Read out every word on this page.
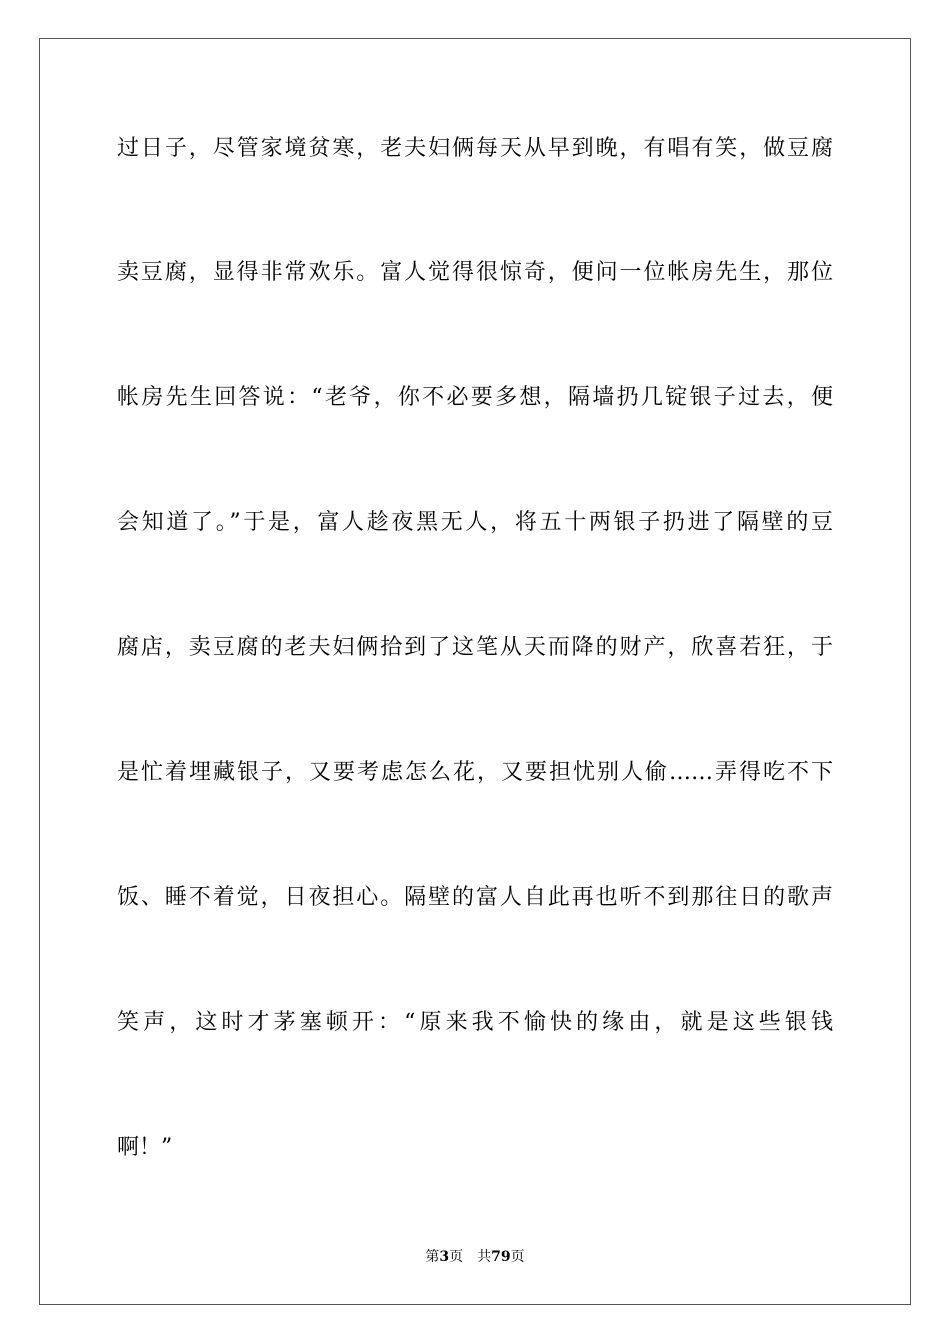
过日子，尽管家境贫寒，老夫妇俩每天从早到晚，有唱有笑，做豆腐
卖豆腐，显得非常欢乐。富人觉得很惊奇，便问一位帐房先生，那位
帐房先生回答说：“老爷，你不必要多想，隔墙扔几锭银子过去，便
会知道了。”于是，富人趁夜黑无人，将五十两银子扔进了隔壁的豆
腐店，卖豆腐的老夫妇俩拾到了这笔从天而降的财产，欣喜若狂，于
是忙着埋藏银子，又要考虑怎么花，又要担忧别人偷……弄得吃不下
饭、睡不着觉，日夜担心。隔壁的富人自此再也听不到那往日的歌声
笑声，这时才茅塞顿开：“原来我不愉快的缘由，就是这些银钱
啊！”
第3页 共79页
